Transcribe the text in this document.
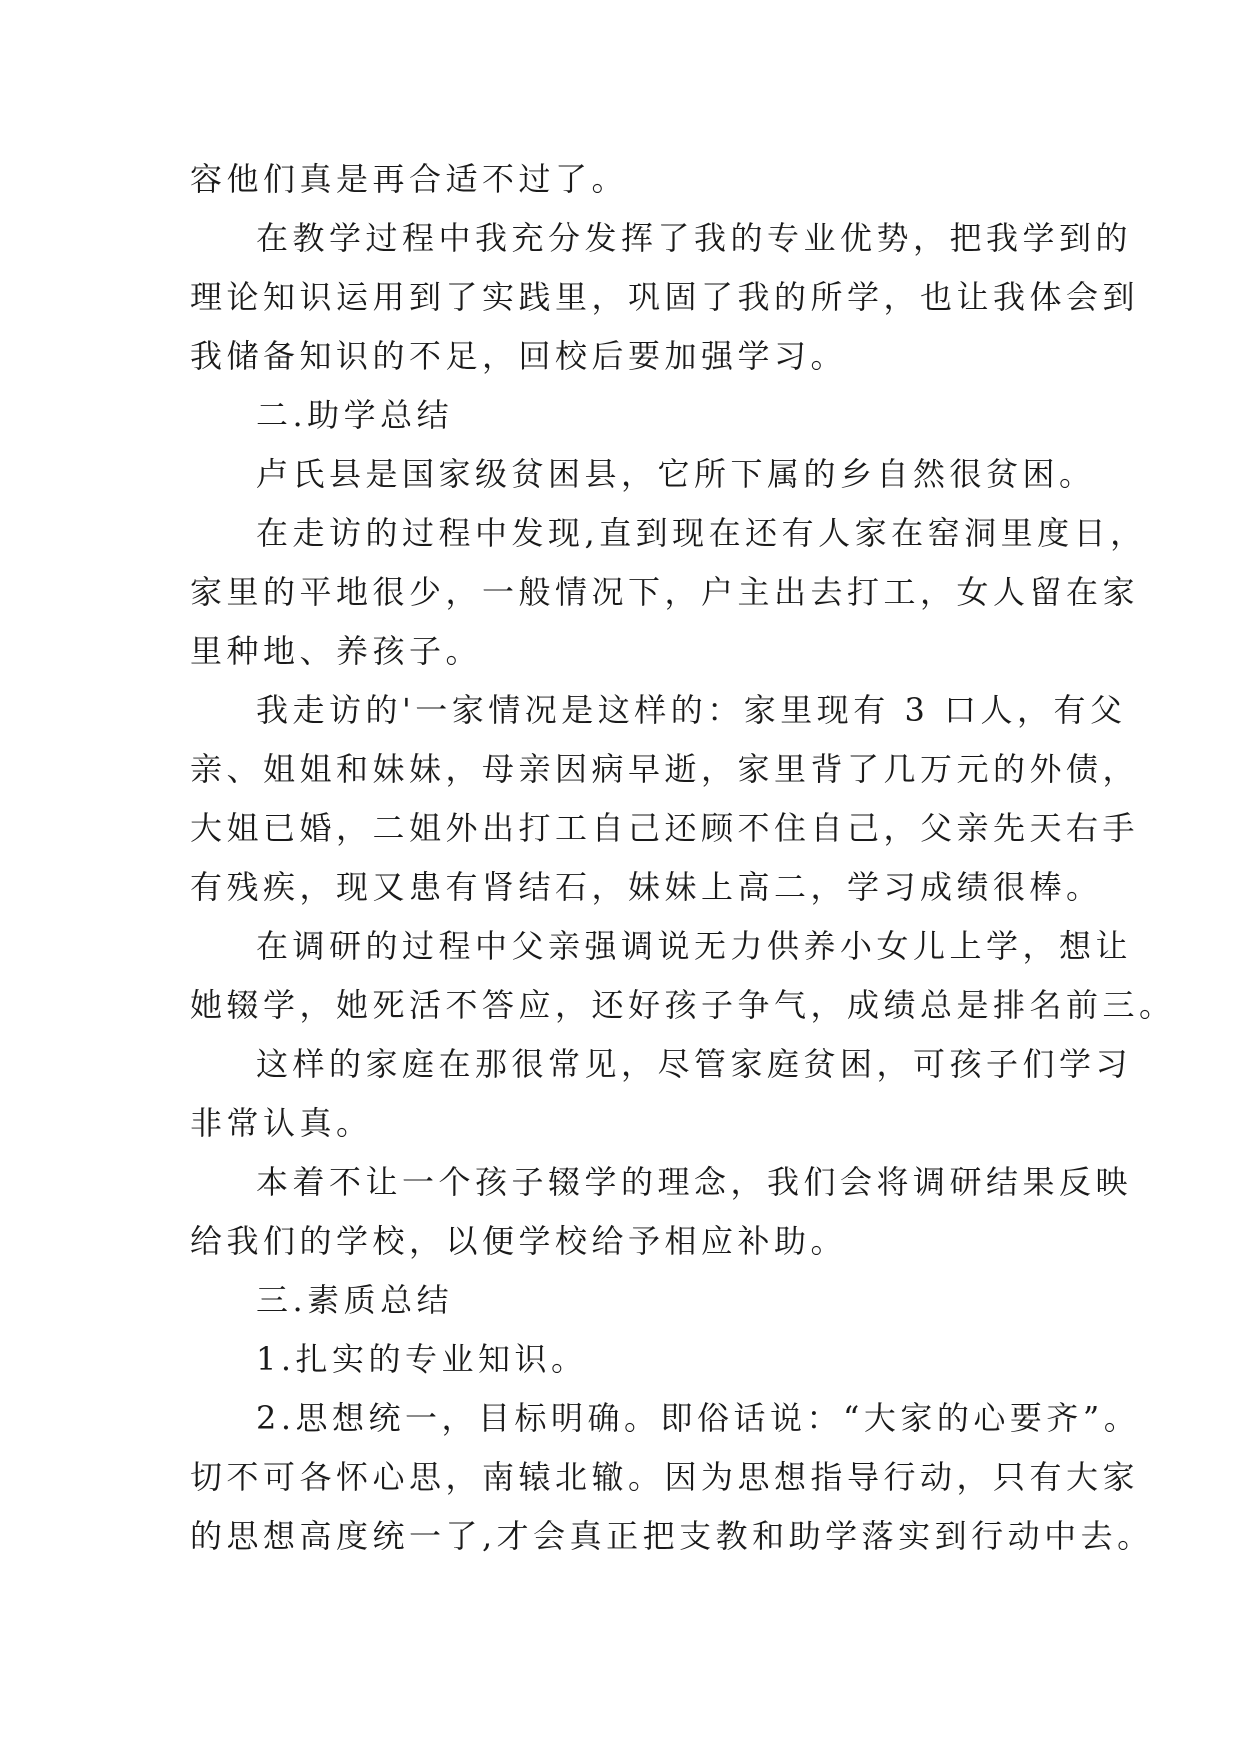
容他们真是再合适不过了。
在教学过程中我充分发挥了我的专业优势，把我学到的
理论知识运用到了实践里，巩固了我的所学，也让我体会到
我储备知识的不足，回校后要加强学习。
二.助学总结
卢氏县是国家级贫困县，它所下属的乡自然很贫困。
在走访的过程中发现,直到现在还有人家在窑洞里度日，
家里的平地很少，一般情况下，户主出去打工，女人留在家
里种地、养孩子。
我走访的'一家情况是这样的：家里现有 3 口人，有父
亲、姐姐和妹妹，母亲因病早逝，家里背了几万元的外债，
大姐已婚，二姐外出打工自己还顾不住自己，父亲先天右手
有残疾，现又患有肾结石，妹妹上高二，学习成绩很棒。
在调研的过程中父亲强调说无力供养小女儿上学，想让
她辍学，她死活不答应，还好孩子争气，成绩总是排名前三。
这样的家庭在那很常见，尽管家庭贫困，可孩子们学习
非常认真。
本着不让一个孩子辍学的理念，我们会将调研结果反映
给我们的学校，以便学校给予相应补助。
三.素质总结
1.扎实的专业知识。
2.思想统一，目标明确。即俗话说：“大家的心要齐”。
切不可各怀心思，南辕北辙。因为思想指导行动，只有大家
的思想高度统一了,才会真正把支教和助学落实到行动中去。
